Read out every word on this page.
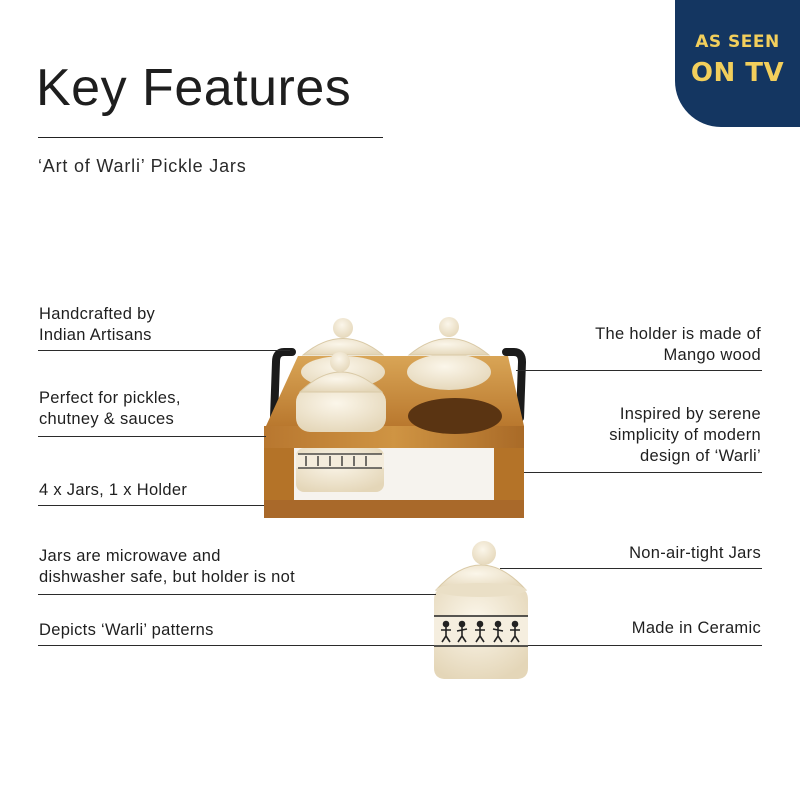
Key Features
‘Art of Warli’ Pickle Jars
AS SEEN
ON TV
Handcrafted by
Indian Artisans
Perfect for pickles,
chutney & sauces
4 x Jars, 1 x Holder
Jars are microwave and
dishwasher safe, but holder is not
Depicts ‘Warli’ patterns
The holder is made of
Mango wood
Inspired by serene
simplicity of modern
design of ‘Warli’
Non-air-tight Jars
Made in Ceramic
